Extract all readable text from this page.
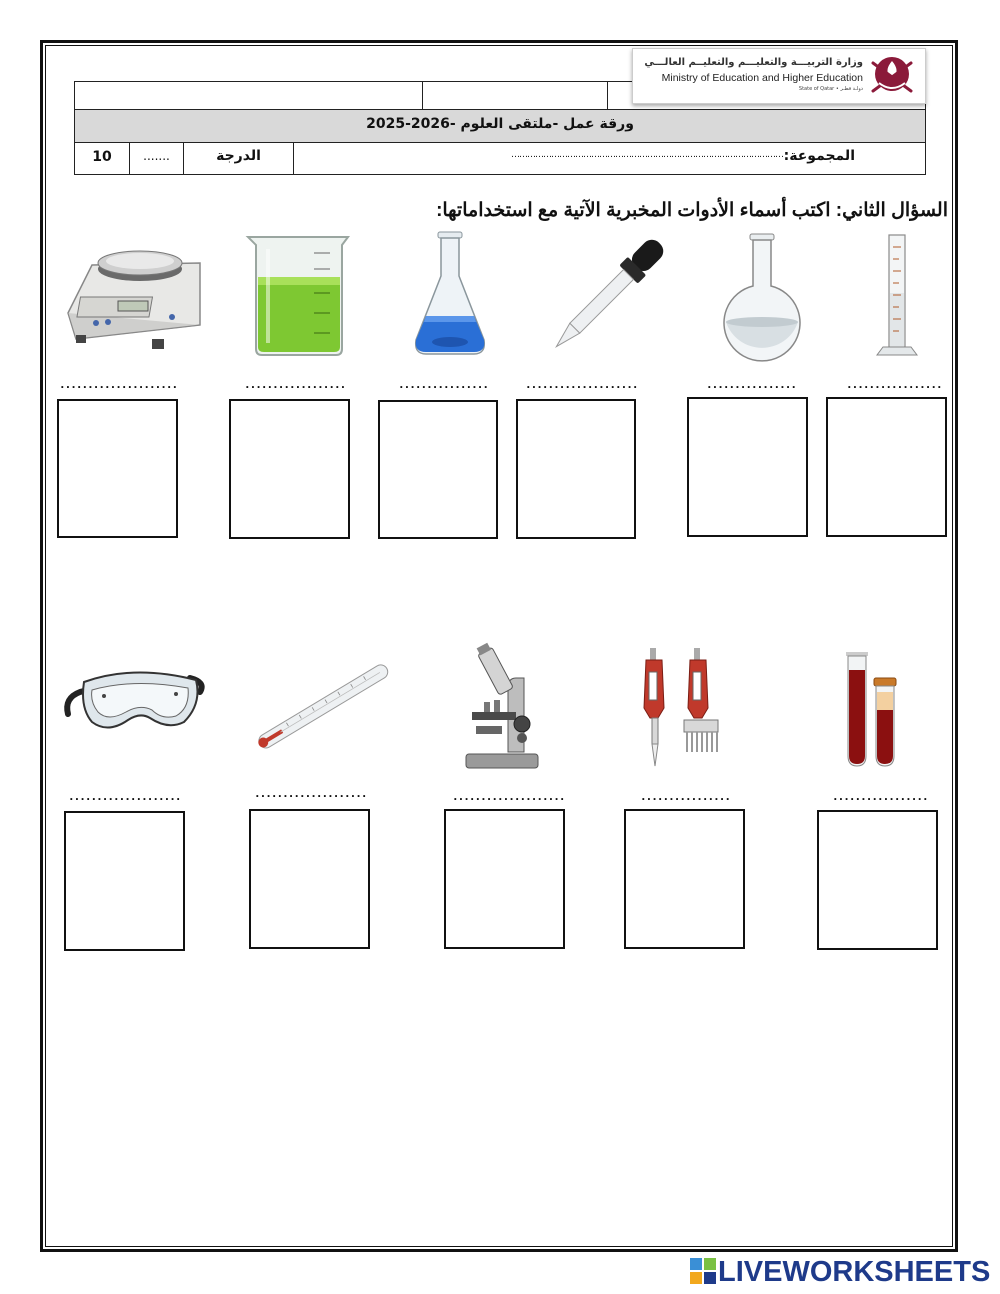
ورقة عمل -ملتقى العلوم -2026-2025
10	.......	الدرجة	المجموعة:
…………………………………………………………………………………………
وزارة التربيـــة والتعليـــم والتعليــم العالـــي
Ministry of Education and Higher Education
State of Qatar • دولـة قطـر
السؤال الثاني: اكتب أسماء الأدوات المخبرية الآتية مع استخداماتها:
.....................	..................	................	....................	................	.................
....................	....................	....................	................	.................
LIVEWORKSHEETS
